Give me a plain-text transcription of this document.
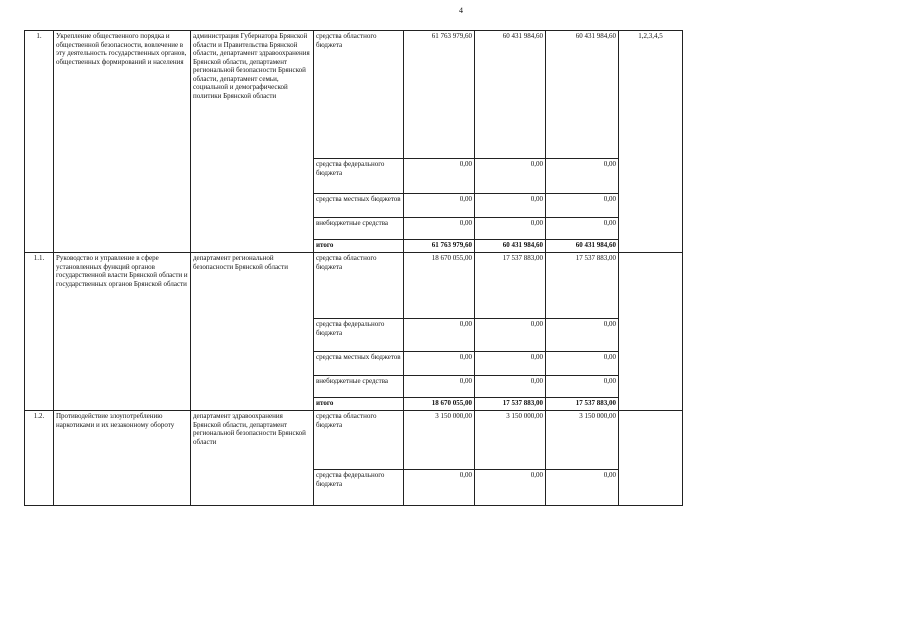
4
1.	Укрепление общественного порядка и общественной безопасности, вовлечение в эту деятельность государственных органов, общественных формирований и населения	администрация Губернатора Брянской области и Правительства Брянской области, департамент здравоохранения Брянской области, департамент региональной безопасности Брянской области, департамент семьи, социальной и демографической политики Брянской области	средства областного бюджета	61 763 979,60	60 431 984,60	60 431 984,60	1,2,3,4,5
			средства федерального бюджета	0,00	0,00	0,00	
			средства местных бюджетов	0,00	0,00	0,00	
			внебюджетные средства	0,00	0,00	0,00	
			итого	61 763 979,60	60 431 984,60	60 431 984,60	
1.1.	Руководство и управление в сфере установленных функций органов государственной власти Брянской области и государственных органов Брянской области	департамент региональной безопасности Брянской области	средства областного бюджета	18 670 055,00	17 537 883,00	17 537 883,00	
			средства федерального бюджета	0,00	0,00	0,00	
			средства местных бюджетов	0,00	0,00	0,00	
			внебюджетные средства	0,00	0,00	0,00	
			итого	18 670 055,00	17 537 883,00	17 537 883,00	
1.2.	Противодействие злоупотреблению наркотиками и их незаконному обороту	департамент здравоохранения Брянской области, департамент региональной безопасности Брянской области	средства областного бюджета	3 150 000,00	3 150 000,00	3 150 000,00	
			средства федерального бюджета	0,00	0,00	0,00	
